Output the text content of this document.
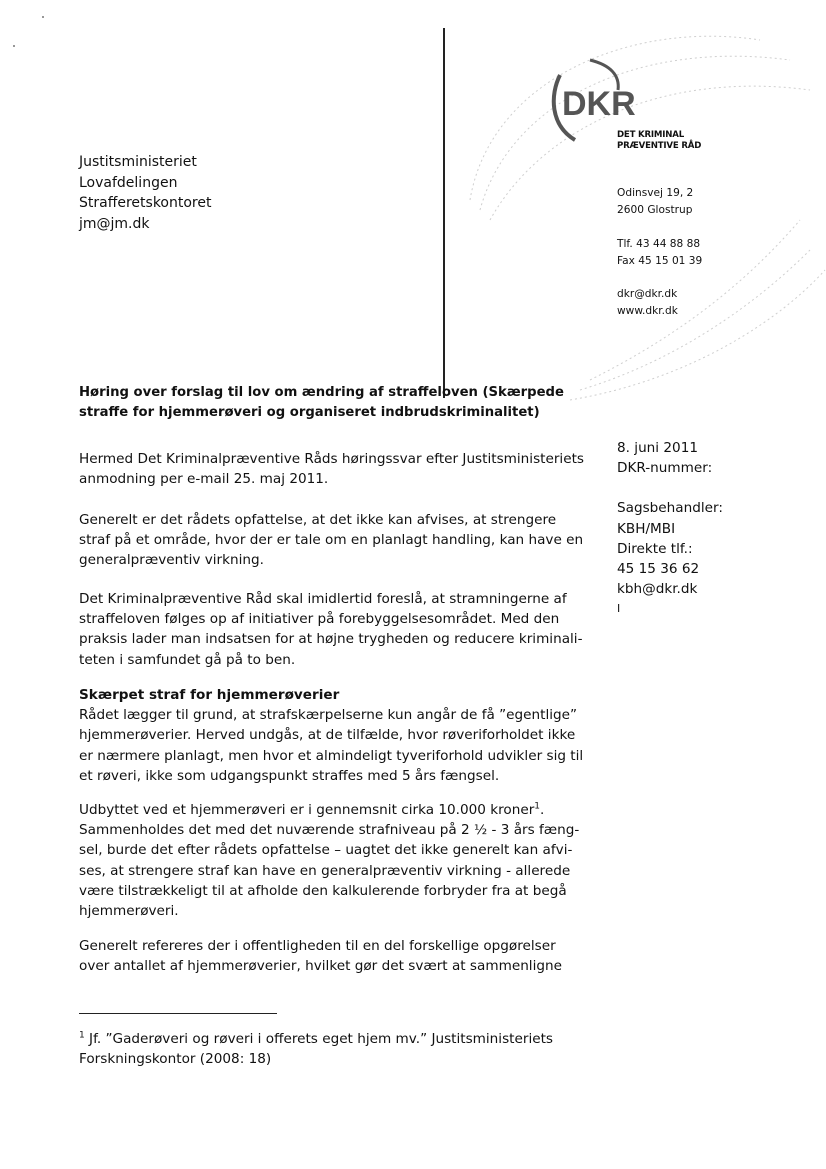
Justitsministeriet
Lovafdelingen
Strafferetskontoret
jm@jm.dk
DKR
DET KRIMINAL
PRÆVENTIVE RÅD
Odinsvej 19, 2
2600 Glostrup
Tlf. 43 44 88 88
Fax 45 15 01 39
dkr@dkr.dk
www.dkr.dk
Høring over forslag til lov om ændring af straffeloven (Skærpede
straffe for hjemmerøveri og organiseret indbrudskriminalitet)
8. juni 2011
DKR-nummer:
Sagsbehandler:
KBH/MBI
Direkte tlf.:
45 15 36 62
kbh@dkr.dk
I
Hermed Det Kriminalpræventive Råds høringssvar efter Justitsministeriets
anmodning per e-mail 25. maj 2011.
Generelt er det rådets opfattelse, at det ikke kan afvises, at strengere
straf på et område, hvor der er tale om en planlagt handling, kan have en
generalpræventiv virkning.
Det Kriminalpræventive Råd skal imidlertid foreslå, at stramningerne af
straffeloven følges op af initiativer på forebyggelsesområdet. Med den
praksis lader man indsatsen for at højne trygheden og reducere kriminali-
teten i samfundet gå på to ben.
Skærpet straf for hjemmerøverier
Rådet lægger til grund, at strafskærpelserne kun angår de få ”egentlige”
hjemmerøverier. Herved undgås, at de tilfælde, hvor røveriforholdet ikke
er nærmere planlagt, men hvor et almindeligt tyveriforhold udvikler sig til
et røveri, ikke som udgangspunkt straffes med 5 års fængsel.
Udbyttet ved et hjemmerøveri er i gennemsnit cirka 10.000 kroner$^1$.
Sammenholdes det med det nuværende strafniveau på 2 ½ - 3 års fæng-
sel, burde det efter rådets opfattelse – uagtet det ikke generelt kan afvi-
ses, at strengere straf kan have en generalpræventiv virkning - allerede
være tilstrækkeligt til at afholde den kalkulerende forbryder fra at begå
hjemmerøveri.
Generelt refereres der i offentligheden til en del forskellige opgørelser
over antallet af hjemmerøverier, hvilket gør det svært at sammenligne
$^1$ Jf. ”Gaderøveri og røveri i offerets eget hjem mv.” Justitsministeriets
Forskningskontor (2008: 18)
